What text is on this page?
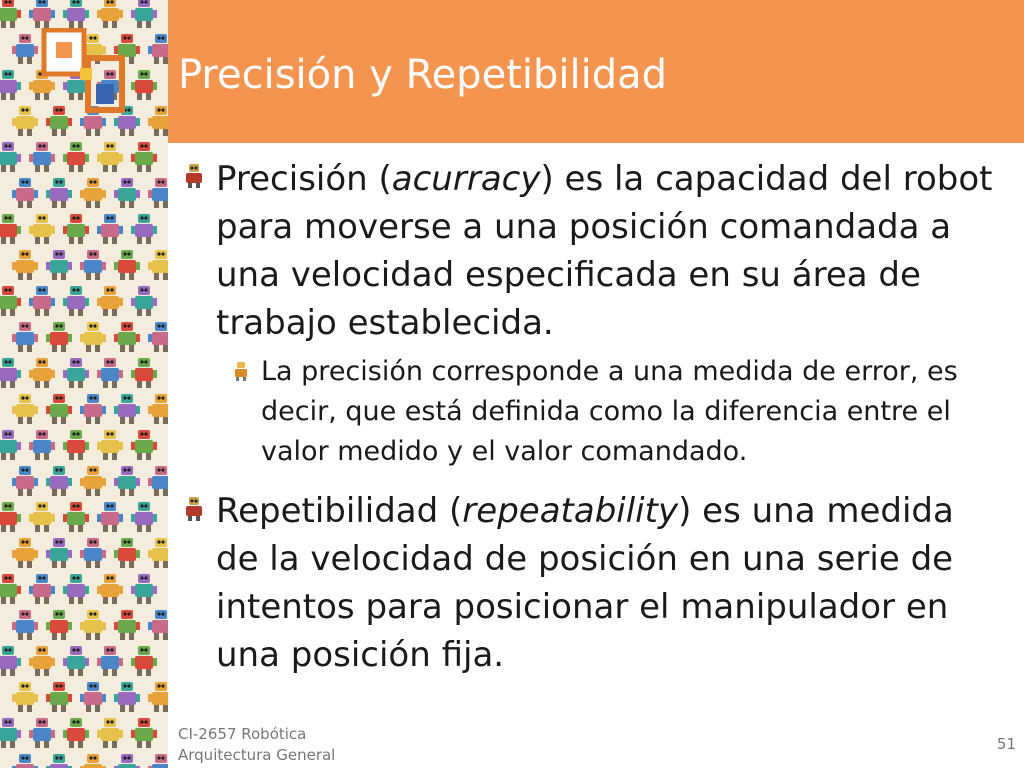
Precisión y Repetibilidad
Precisión (acurracy) es la capacidad del robot para moverse a una posición comandada a una velocidad especificada en su área de trabajo establecida.
La precisión corresponde a una medida de error, es decir, que está definida como la diferencia entre el valor medido y el valor comandado.
Repetibilidad (repeatability) es una medida de la velocidad de posición en una serie de intentos para posicionar el manipulador en una posición fija.
CI-2657 Robótica
Arquitectura General
51
